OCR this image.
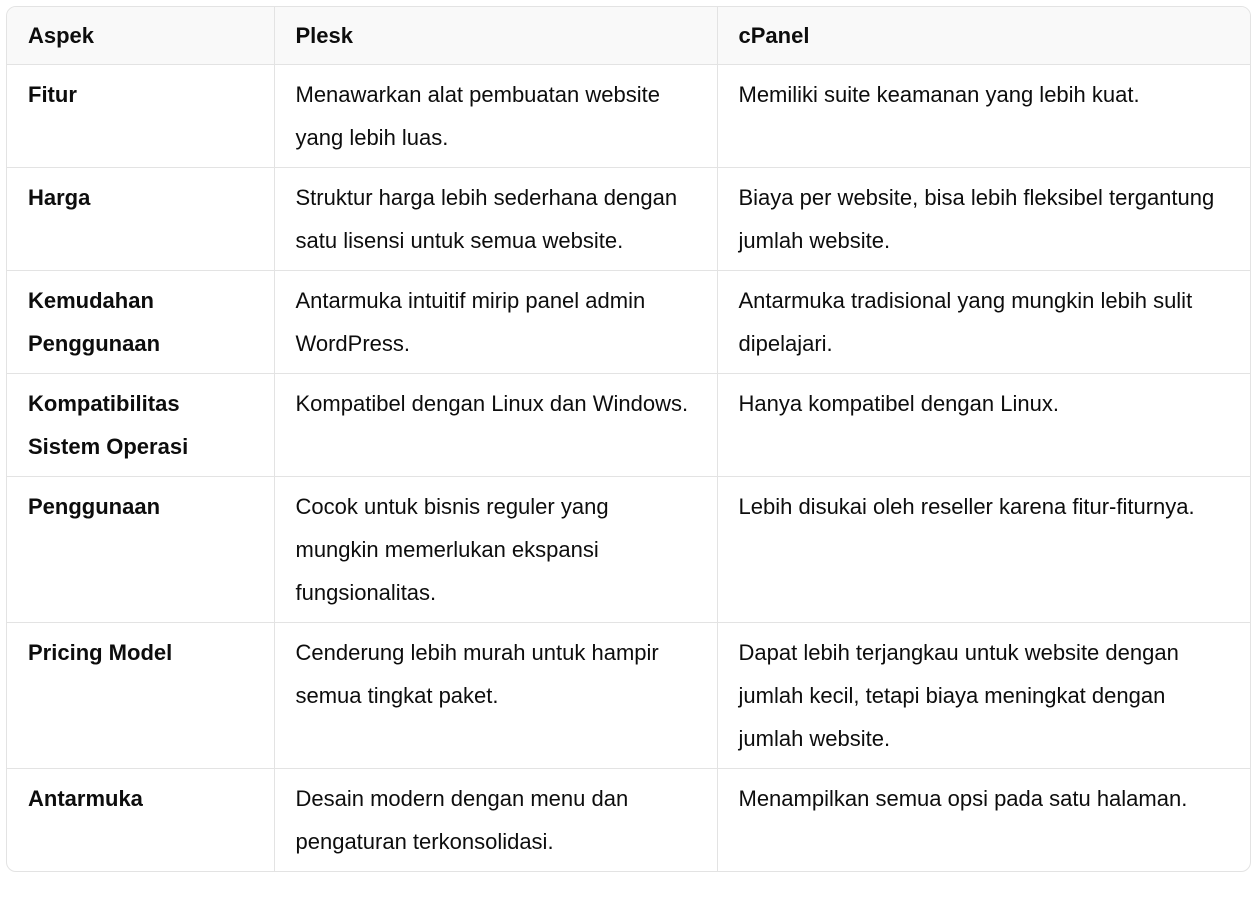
Aspek	Plesk	cPanel
Fitur	Menawarkan alat pembuatan website yang lebih luas.	Memiliki suite keamanan yang lebih kuat.
Harga	Struktur harga lebih sederhana dengan satu lisensi untuk semua website.	Biaya per website, bisa lebih fleksibel tergantung jumlah website.
Kemudahan Penggunaan	Antarmuka intuitif mirip panel admin WordPress.	Antarmuka tradisional yang mungkin lebih sulit dipelajari.
Kompatibilitas Sistem Operasi	Kompatibel dengan Linux dan Windows.	Hanya kompatibel dengan Linux.
Penggunaan	Cocok untuk bisnis reguler yang mungkin memerlukan ekspansi fungsionalitas.	Lebih disukai oleh reseller karena fitur-fiturnya.
Pricing Model	Cenderung lebih murah untuk hampir semua tingkat paket.	Dapat lebih terjangkau untuk website dengan jumlah kecil, tetapi biaya meningkat dengan jumlah website.
Antarmuka	Desain modern dengan menu dan pengaturan terkonsolidasi.	Menampilkan semua opsi pada satu halaman.
